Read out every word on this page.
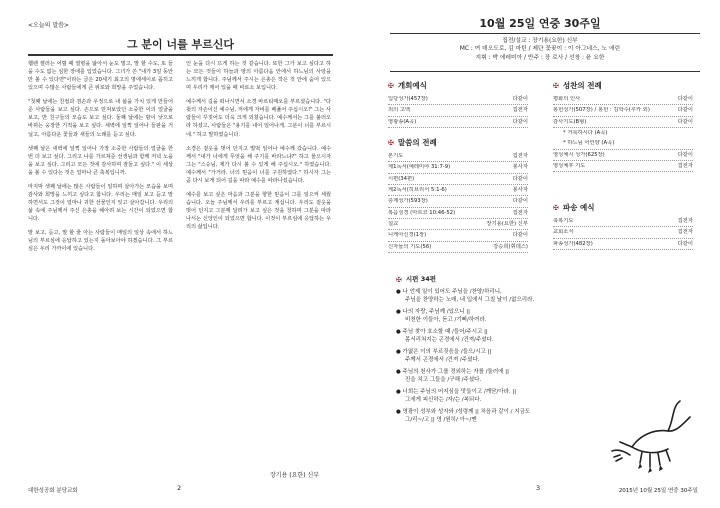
<오늘의 말씀>
그 분이 너를 부르신다

혬렌 켈러는 어릴 때 열병을 앓아서 눈도 멀고, 말 할 수도, 또 들을 수도 없는 심한 장애를 입었습니다. 그녀가 쓴 "내가 3일 동안만 볼 수 있다면"이라는 글은 20세기 최고의 명에세이로 꼽히고 있으며 수많은 사람들에게 큰 위로와 희망을 주었습니다.

"첫째 날에는 친절과 겸손과 우정으로 내 삶을 가치 있게 만들어 준 사람들을 보고 싶다. 손으로 만져보았던 소중한 이의 얼굴을 보고, 반 친구들의 모습도 보고 싶다. 둘째 날에는 밤이 낮으로 바뀌는 웅장한 기적을 보고 싶다. 새벽에 일찍 일어나 들판을 거닐고, 아름다운 꽃들과 새들의 노래를 듣고 싶다.

셋째 날은 새벽에 일찍 일어나 가장 소중한 사람들의 얼굴을 한 번 더 보고 싶다. 그리고 나를 가르쳐준 선생님과 함께 저녁 노을을 보고 싶다. 그리고 모든 것에 감사하며 잠들고 싶다." 이 세상을 볼 수 있다는 것은 얼마나 큰 축복입니까.

마지막 셋째 날에는 많은 사람들이 일하며 살아가는 모습을 보며 감사와 희망을 느끼고 싶다고 합니다. 우리는 매일 보고 듣고 말하면서도 그것이 얼마나 귀한 선물인지 잊고 살아갑니다. 우리의 삶 속에 주님께서 주신 은총을 헤아려 보는 시간이 되었으면 합니다.

말 보고, 듣고, 말 할 줄 아는 사람들이 매일의 일상 속에서 하느님의 부르심에 응답하고 있는지 돌아보아야 하겠습니다. 그 부르심은 우리 가까이에 있습니다.

인 눈을 다시 뜨게 하는 것 같습니다. 또한 그가 보고 싶다고 하는 모든 것들이 하늘과 땅의 아름다움 안에서 하느님의 사랑을 느끼게 합니다. 주님께서 주시는 은총은 작은 것 안에 숨어 있으며 우리가 깨어 있을 때 비로소 보입니다.

예수께서 길을 떠나시면서 소경 바르티매오를 부르셨습니다. "다윗의 자손이신 예수님, 저에게 자비를 베풀어 주십시오!" 그는 사람들이 꾸짖어도 더욱 크게 외쳤습니다. 예수께서는 그를 불러오라 하셨고, 사람들은 "용기를 내어 일어나게. 그분이 너를 부르시네." 하고 말하였습니다.

소경은 겉옷을 벗어 던지고 벌떡 일어나 예수께 갔습니다. 예수께서 "내가 너에게 무엇을 해 주기를 바라느냐?" 하고 물으시자 그는 "스승님, 제가 다시 볼 수 있게 해 주십시오." 하였습니다. 예수께서 "가거라. 너의 믿음이 너를 구원하였다." 하시자 그는 곧 다시 보게 되어 길을 따라 예수를 따라나섰습니다.

예수를 보고 싶은 마음과 그분을 향한 믿음이 그를 일으켜 세웠습니다. 오늘 주님께서 우리를 부르고 계십니다. 우리도 겉옷을 벗어 던지고 그분께 달려가 보고 싶은 것을 청하며 그분을 따라나서는 신앙인이 되었으면 합니다. 이것이 부르심에 응답하는 우리의 삶입니다.

장기용 (요한) 신부
대한성공회 분당교회	2
10월 25일 연중 30주일
집전/설교 : 장기용(요한) 신부
MC : 여 데오도로, 김 마틴 / 제단 꽃꽂이 : 이 아그네스, 노 애린
지휘 : 박 에레미아 / 반주 : 장 로사 / 선창 : 윤 요한
✠ 개회예식
입당성가(457장)	다같이
죄의 고백	집전자
영광송(A곡)	다같이
✠ 말씀의 전례
본기도	집전자
제1독서(예레미야 31:7-9)	봉사자
시편(34편)	다같이
제2독서(히브리서 5:1-6)	봉사자
층계성가(593장)	다같이
복음성경 (마르코 10:46-52)	집전자
설교	장기용(요한) 신부
니케아신경(1장)	다같이
신자들의 기도(56)	강승희(휘데스)
✠ 성찬의 전례
평화의 인사	다같이
봉헌성가(507장) / 봉헌 : 김학수(루카 외)	다같이
감사기도(B형)	다같이
* 거룩하시다 (A곡)
* 하느님 어린양 (A곡)
영성체시 성가(625장)	다같이
영성체후 기도	집전자
✠ 파송 예식
축복기도	집전자
교회소식	집전자
파송성가(482장)	다같이
✠ 시편 34편
● 나 언제 일이 있어도 주님을 /찬양/하리니,
주님을 찬양하는 노래, 내 입에서 그칠 날이 /없으리라.
● 나의 자랑, 주님께 /있으니 ||
비천한 이들아, 듣고 /기뻐/하여라.
● 주님 찾아 호소할 때 /들어/주시고 ||
몸서리쳐지는 곤경에서 /건져/주셨다.
● 가엾은 이의 부르짖음을 /들으/시고 ||
주께서 곤경에서 /건져 /주셨다.
● 주님의 천사가 그를 경외하는 자를 /둘러에 ||
진을 치고 그들을 /구해 /주셨다.
● 너희는 주님의 어지심을 맛들이고 /깨닫/아라. ||
그에게 피신하는 /자/는 /복되다.
● 영광이 성부와 성자와 /성령께 || 처음과 같이 / 지금도
그/리~/고 || 영 /원히/ 아~/멘
2015년 10월 25일 연중 30주일
3
